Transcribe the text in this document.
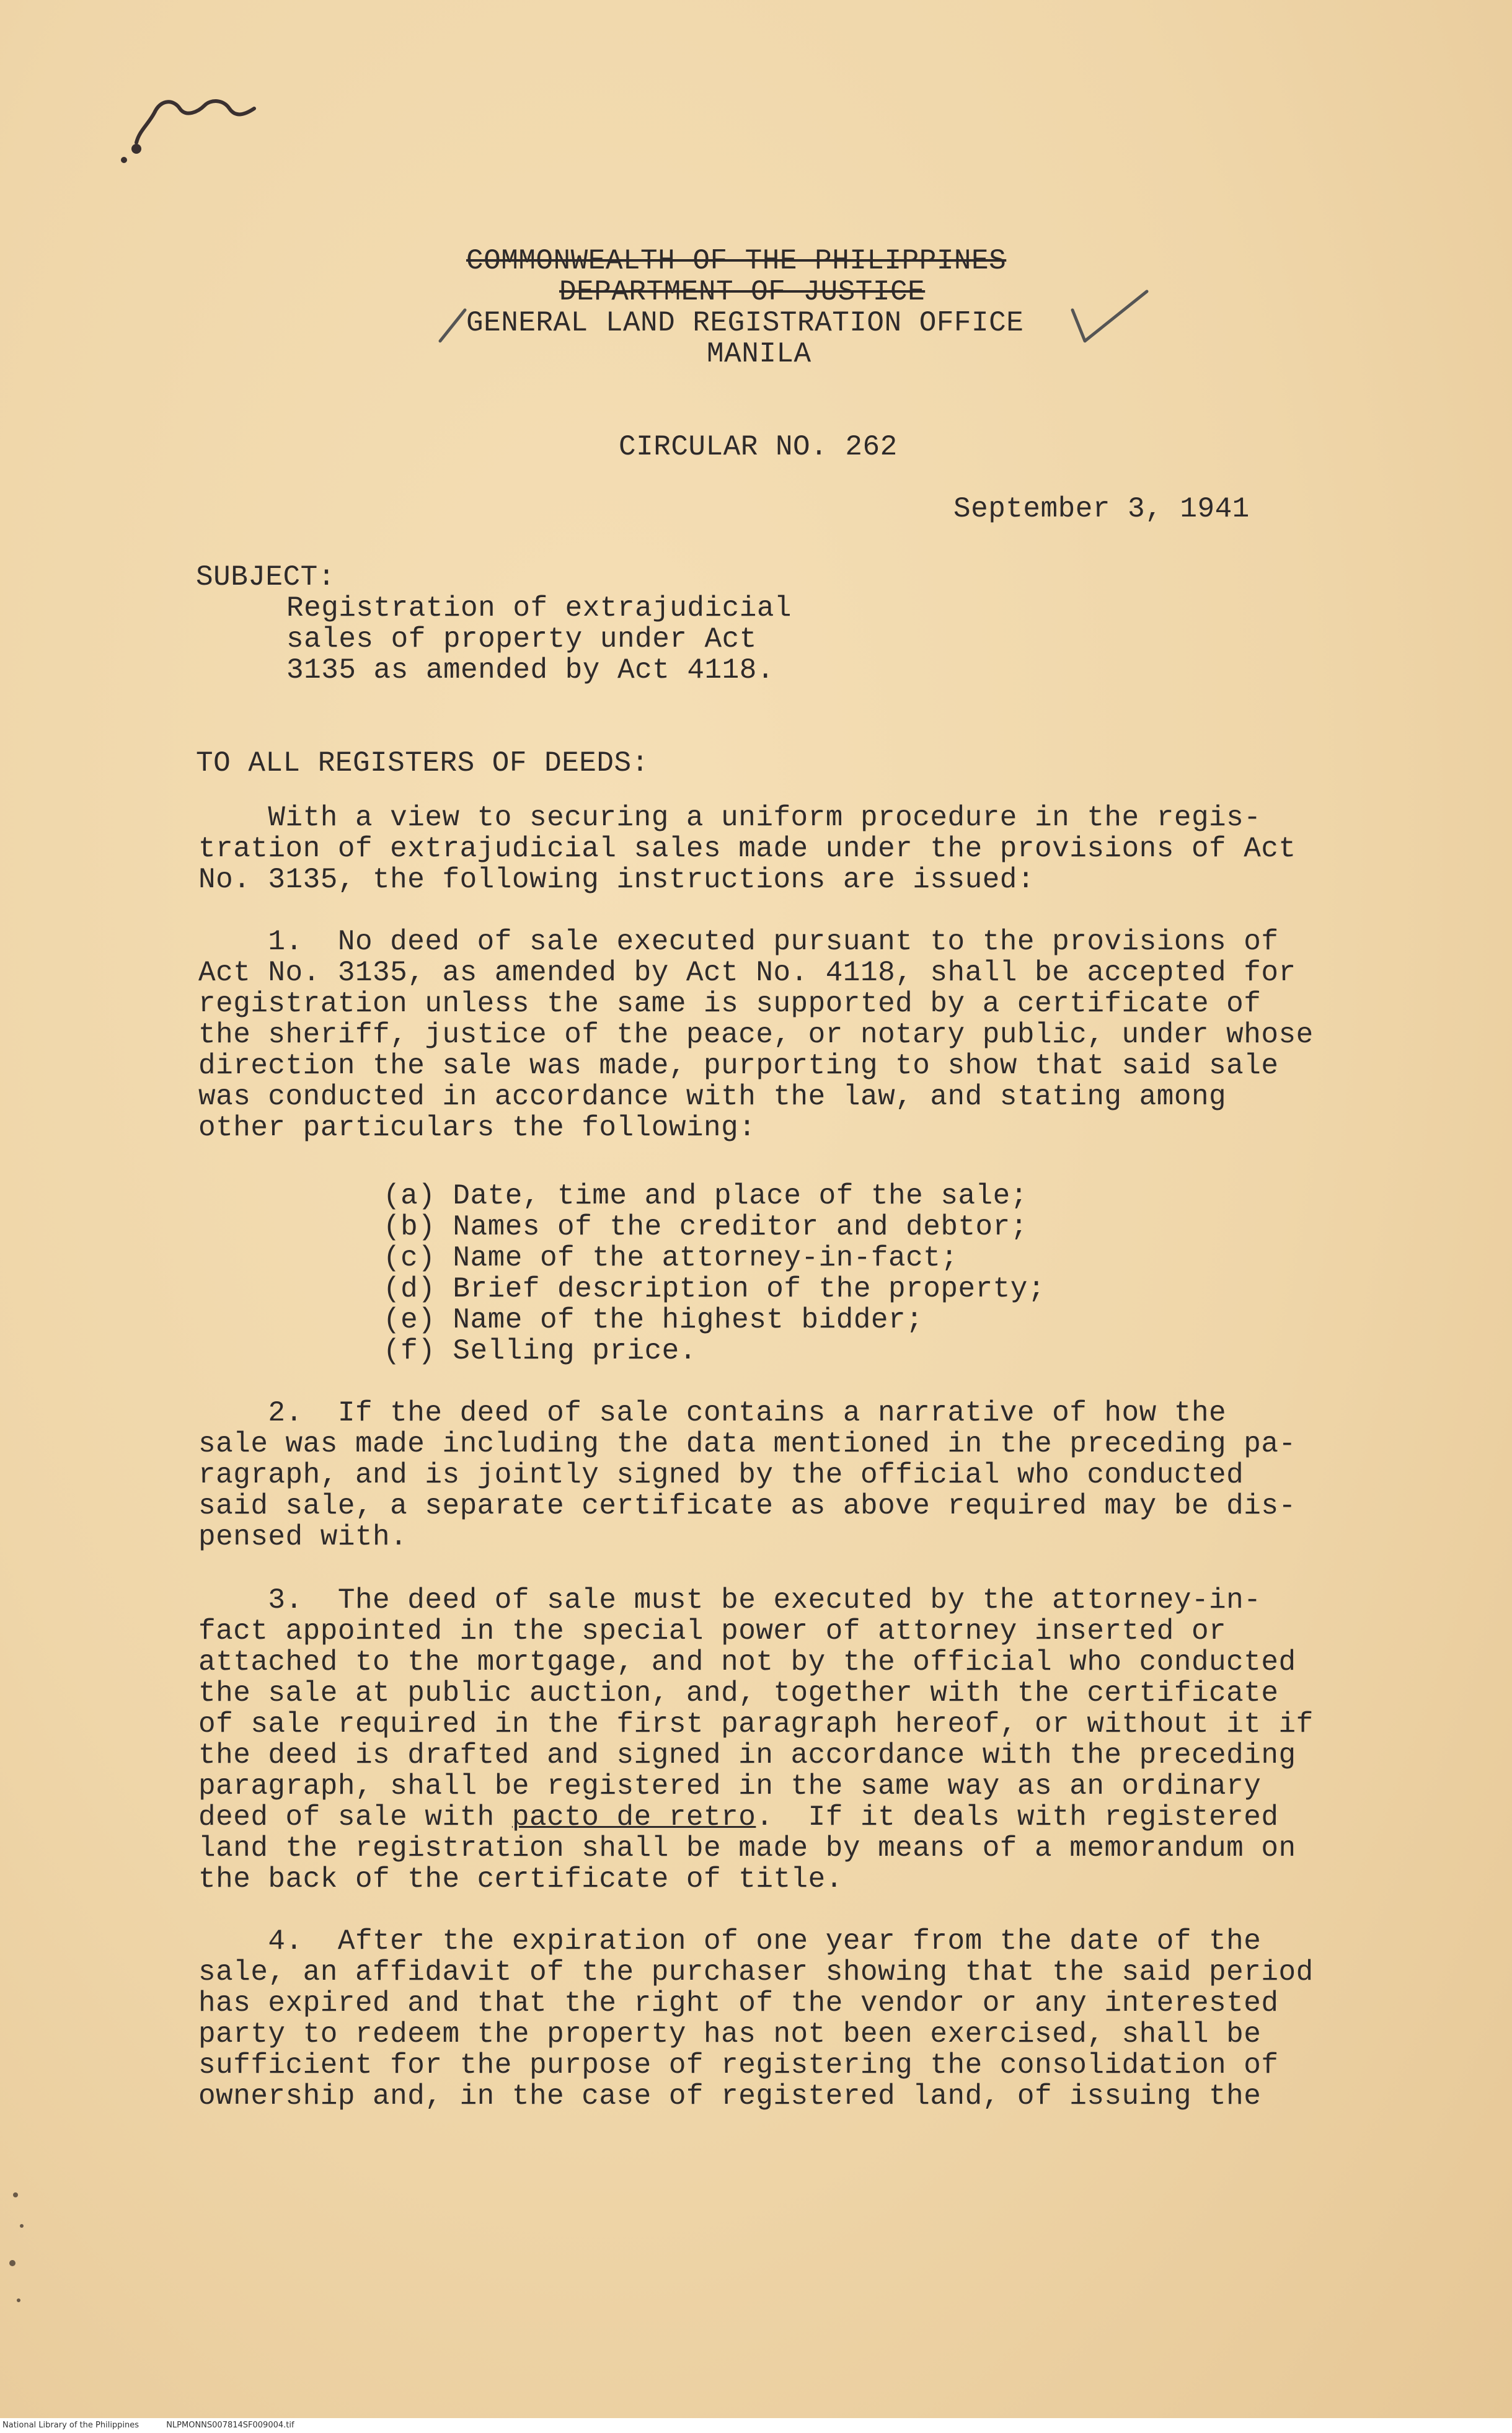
COMMONWEALTH OF THE PHILIPPINES
DEPARTMENT OF JUSTICE
GENERAL LAND REGISTRATION OFFICE
MANILA
CIRCULAR NO. 262
September 3, 1941
SUBJECT:
Registration of extrajudicial
sales of property under Act
3135 as amended by Act 4118.
TO ALL REGISTERS OF DEEDS:
With a view to securing a uniform procedure in the regis-
tration of extrajudicial sales made under the provisions of Act
No. 3135, the following instructions are issued:
1.  No deed of sale executed pursuant to the provisions of
Act No. 3135, as amended by Act No. 4118, shall be accepted for
registration unless the same is supported by a certificate of
the sheriff, justice of the peace, or notary public, under whose
direction the sale was made, purporting to show that said sale
was conducted in accordance with the law, and stating among
other particulars the following:
(a) Date, time and place of the sale;
(b) Names of the creditor and debtor;
(c) Name of the attorney-in-fact;
(d) Brief description of the property;
(e) Name of the highest bidder;
(f) Selling price.
2.  If the deed of sale contains a narrative of how the
sale was made including the data mentioned in the preceding pa-
ragraph, and is jointly signed by the official who conducted
said sale, a separate certificate as above required may be dis-
pensed with.
3.  The deed of sale must be executed by the attorney-in-
fact appointed in the special power of attorney inserted or
attached to the mortgage, and not by the official who conducted
the sale at public auction, and, together with the certificate
of sale required in the first paragraph hereof, or without it if
the deed is drafted and signed in accordance with the preceding
paragraph, shall be registered in the same way as an ordinary
deed of sale with pacto de retro.  If it deals with registered
land the registration shall be made by means of a memorandum on
the back of the certificate of title.
4.  After the expiration of one year from the date of the
sale, an affidavit of the purchaser showing that the said period
has expired and that the right of the vendor or any interested
party to redeem the property has not been exercised, shall be
sufficient for the purpose of registering the consolidation of
ownership and, in the case of registered land, of issuing the
National Library of the Philippines	NLPMONNS007814SF009004.tif
